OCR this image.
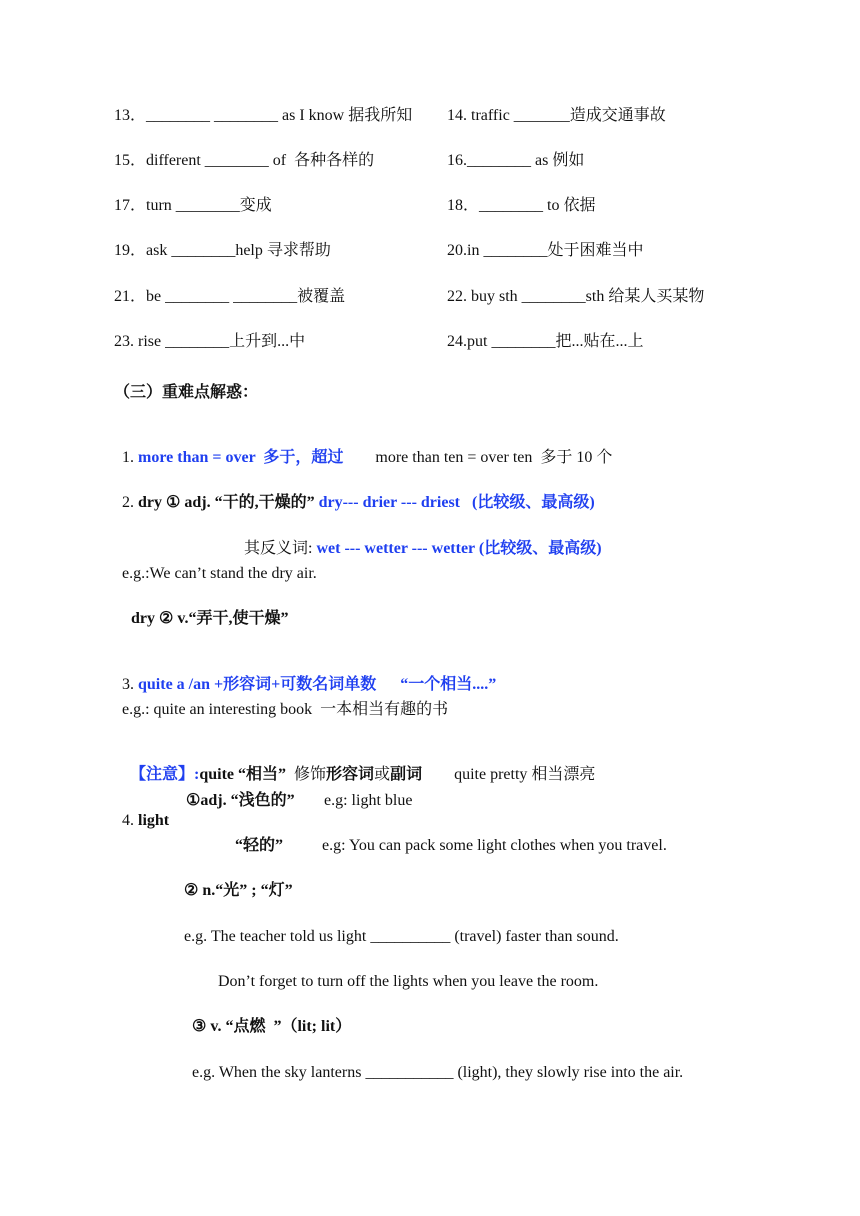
13．________ ________ as I know 据我所知 14. traffic _______造成交通事故
15．different ________ of  各种各样的	16.________ as 例如
17．turn ________变成	18．________ to 依据
19．ask ________help 寻求帮助	20.in ________处于困难当中
21．be ________ ________被覆盖	22. buy sth ________sth 给某人买某物
23. rise ________上升到...中	24.put ________把...贴在...上
（三）重难点解惑：

1. more than = over  多于，超过 more than ten = over ten  多于 10 个

2. dry ① adj. “干的,干燥的” dry--- drier --- driest   (比较级、最高级)

其反义词: wet --- wetter --- wetter (比较级、最高级)

e.g.:We can’t stand the dry air.
dry ② v.“弄干,使干燥”

3. quite a /an +形容词+可数名词单数      “一个相当....”

e.g.: quite an interesting book  一本相当有趣的书

【注意】:quite “相当”  修饰形容词或副词        quite pretty 相当漂亮

4. light

①adj. “浅色的” e.g: light blue
“轻的” e.g: You can pack some light clothes when you travel.
② n.“光” ; “灯”
e.g. The teacher told us light __________ (travel) faster than sound.
Don’t forget to turn off the lights when you leave the room.
③ v. “点燃  ”（lit; lit）
e.g. When the sky lanterns ___________ (light), they slowly rise into the air.
